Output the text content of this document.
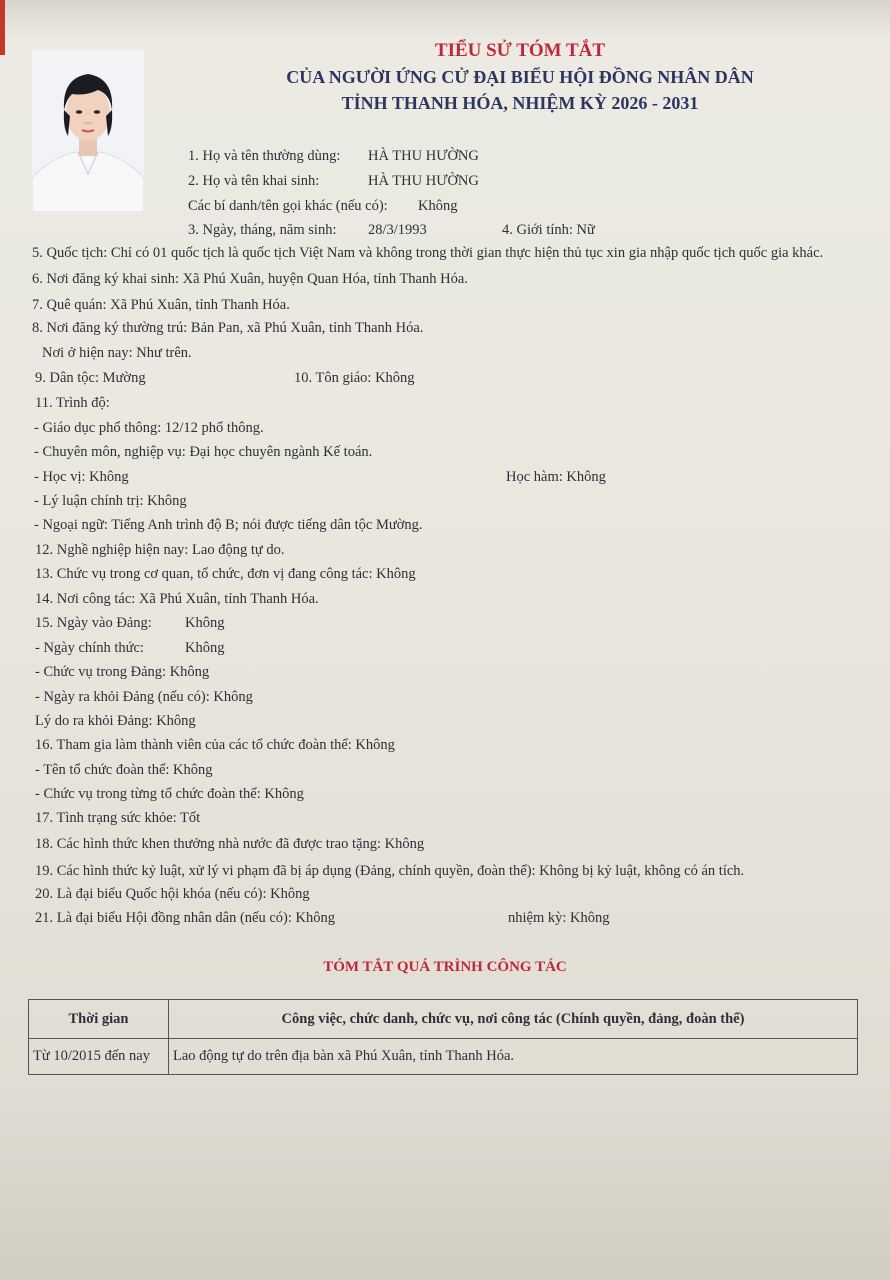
TIỂU SỬ TÓM TẮT
CỦA NGƯỜI ỨNG CỬ ĐẠI BIỂU HỘI ĐỒNG NHÂN DÂN
TỈNH THANH HÓA, NHIỆM KỲ 2026 - 2031
1. Họ và tên thường dùng: HÀ THU HƯỜNG
2. Họ và tên khai sinh:	HÀ THU HƯỜNG
Các bí danh/tên gọi khác (nếu có): Không
3. Ngày, tháng, năm sinh: 28/3/1993	4. Giới tính: Nữ
5. Quốc tịch: Chỉ có 01 quốc tịch là quốc tịch Việt Nam và không trong thời gian thực hiện thủ tục xin gia nhập quốc tịch quốc gia khác.
6. Nơi đăng ký khai sinh: Xã Phú Xuân, huyện Quan Hóa, tỉnh Thanh Hóa.
7. Quê quán: Xã Phú Xuân, tỉnh Thanh Hóa.
8. Nơi đăng ký thường trú: Bản Pan, xã Phú Xuân, tỉnh Thanh Hóa.
Nơi ở hiện nay: Như trên.
9. Dân tộc: Mường	10. Tôn giáo: Không
11. Trình độ:
- Giáo dục phổ thông: 12/12 phổ thông.
- Chuyên môn, nghiệp vụ: Đại học chuyên ngành Kế toán.
- Học vị: Không	Học hàm: Không
- Lý luận chính trị: Không
- Ngoại ngữ: Tiếng Anh trình độ B; nói được tiếng dân tộc Mường.
12. Nghề nghiệp hiện nay: Lao động tự do.
13. Chức vụ trong cơ quan, tổ chức, đơn vị đang công tác: Không
14. Nơi công tác: Xã Phú Xuân, tỉnh Thanh Hóa.
15. Ngày vào Đảng: Không
- Ngày chính thức:	Không
- Chức vụ trong Đảng: Không
- Ngày ra khỏi Đảng (nếu có): Không
Lý do ra khỏi Đảng: Không
16. Tham gia làm thành viên của các tổ chức đoàn thể: Không
- Tên tổ chức đoàn thể: Không
- Chức vụ trong từng tổ chức đoàn thể: Không
17. Tình trạng sức khỏe: Tốt
18. Các hình thức khen thưởng nhà nước đã được trao tặng: Không
19. Các hình thức kỷ luật, xử lý vi phạm đã bị áp dụng (Đảng, chính quyền, đoàn thể): Không bị kỷ luật, không có án tích.
20. Là đại biểu Quốc hội khóa (nếu có): Không
21. Là đại biểu Hội đồng nhân dân (nếu có): Không	nhiệm kỳ: Không
TÓM TẮT QUÁ TRÌNH CÔNG TÁC
Thời gian	Công việc, chức danh, chức vụ, nơi công tác (Chính quyền, đảng, đoàn thể)
Từ 10/2015 đến nay	Lao động tự do trên địa bàn xã Phú Xuân, tỉnh Thanh Hóa.
